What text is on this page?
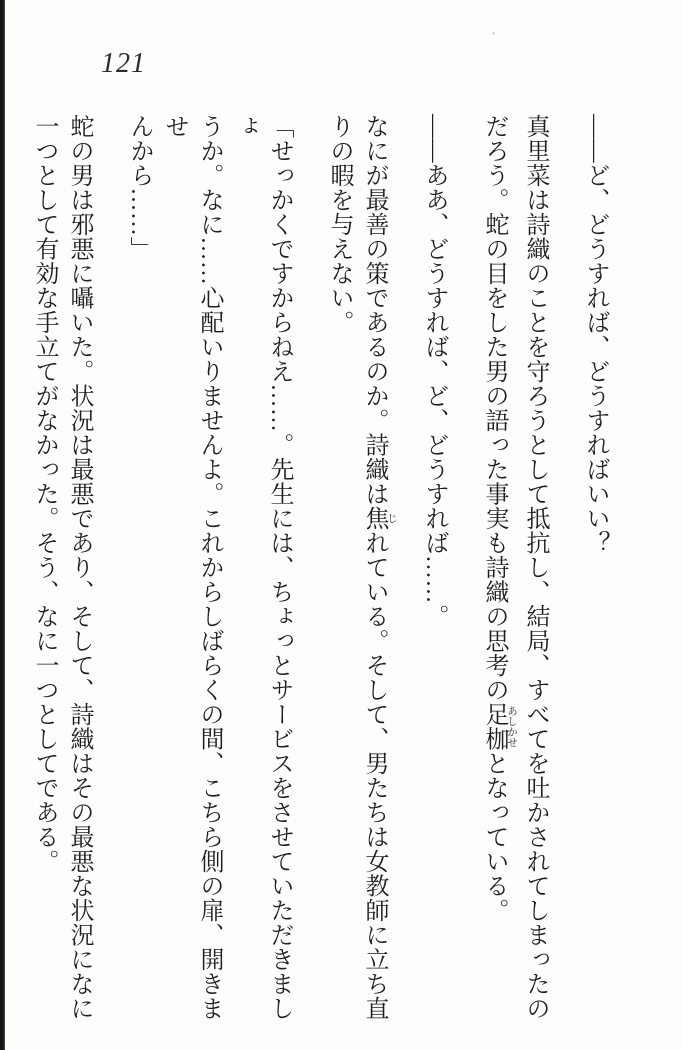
121
——ど、どうすれば、どうすればいい？
真里菜は詩織のことを守ろうとして抵抗し、結局、すべてを吐かされてしまったの
だろう。蛇の目をした男の語った事実も詩織の思考の足枷 あしかせとなっている。
——ああ、どうすれば、ど、どうすれば……。
なにが最善の策であるのか。詩織は焦 じれている。そして、男たちは女教師に立ち直
りの暇を与えない。
「せっかくですからねえ……。先生には、ちょっとサービスをさせていただきましょ
うか。なに……心配いりませんよ。これからしばらくの間、こちら側の扉、開きませ
んから……」
蛇の男は邪悪に囁いた。状況は最悪であり、そして、詩織はその最悪な状況になに
一つとして有効な手立てがなかった。そう、なに一つとしてである。
